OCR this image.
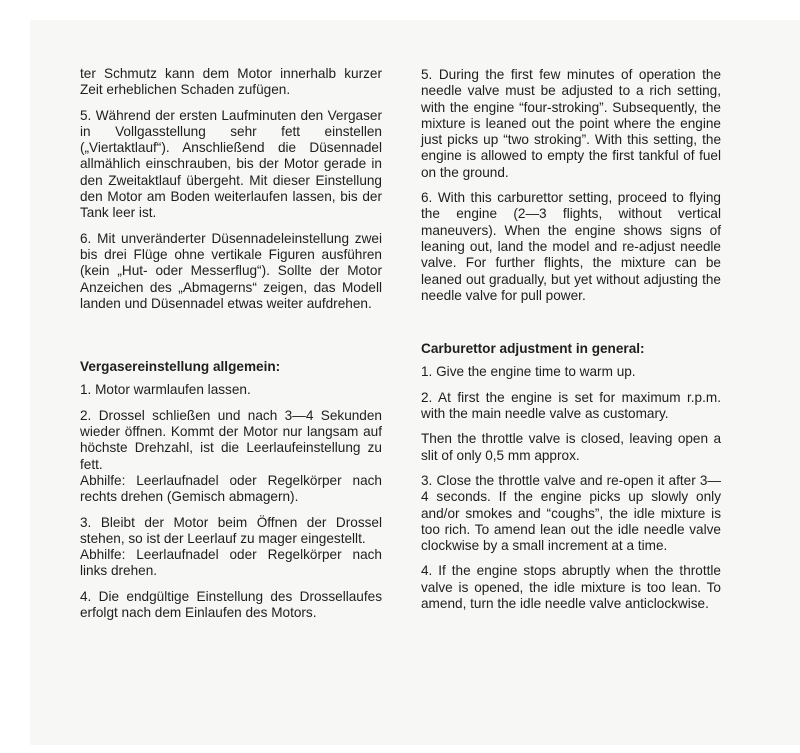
ter Schmutz kann dem Motor innerhalb kurzer Zeit erheblichen Schaden zufügen.

5. Während der ersten Laufminuten den Vergaser in Vollgasstellung sehr fett einstellen („Viertaktlauf“). Anschließend die Düsennadel allmählich einschrauben, bis der Motor gerade in den Zweitaktlauf übergeht. Mit dieser Einstellung den Motor am Boden weiterlaufen lassen, bis der Tank leer ist.

6. Mit unveränderter Düsennadeleinstellung zwei bis drei Flüge ohne vertikale Figuren ausführen (kein „Hut- oder Messerflug“). Sollte der Motor Anzeichen des „Abmagerns“ zeigen, das Modell landen und Düsennadel etwas weiter aufdrehen.

Vergasereinstellung allgemein:

1. Motor warmlaufen lassen.

2. Drossel schließen und nach 3—4 Sekunden wieder öffnen. Kommt der Motor nur langsam auf höchste Drehzahl, ist die Leerlaufeinstellung zu fett.

Abhilfe: Leerlaufnadel oder Regelkörper nach rechts drehen (Gemisch abmagern).

3. Bleibt der Motor beim Öffnen der Drossel stehen, so ist der Leerlauf zu mager eingestellt.

Abhilfe: Leerlaufnadel oder Regelkörper nach links drehen.

4. Die endgültige Einstellung des Drossellaufes erfolgt nach dem Einlaufen des Motors.

5. During the first few minutes of operation the needle valve must be adjusted to a rich setting, with the engine “four-stroking”. Subsequently, the mixture is leaned out the point where the engine just picks up “two stroking”. With this setting, the engine is allowed to empty the first tankful of fuel on the ground.

6. With this carburettor setting, proceed to flying the engine (2—3 flights, without vertical maneuvers). When the engine shows signs of leaning out, land the model and re-adjust needle valve. For further flights, the mixture can be leaned out gradually, but yet without adjusting the needle valve for pull power.

Carburettor adjustment in general:

1. Give the engine time to warm up.

2. At first the engine is set for maximum r.p.m. with the main needle valve as customary.

Then the throttle valve is closed, leaving open a slit of only 0,5 mm approx.

3. Close the throttle valve and re-open it after 3—4 seconds. If the engine picks up slowly only and/or smokes and “coughs”, the idle mixture is too rich. To amend lean out the idle needle valve clockwise by a small increment at a time.

4. If the engine stops abruptly when the throttle valve is opened, the idle mixture is too lean. To amend, turn the idle needle valve anticlockwise.
